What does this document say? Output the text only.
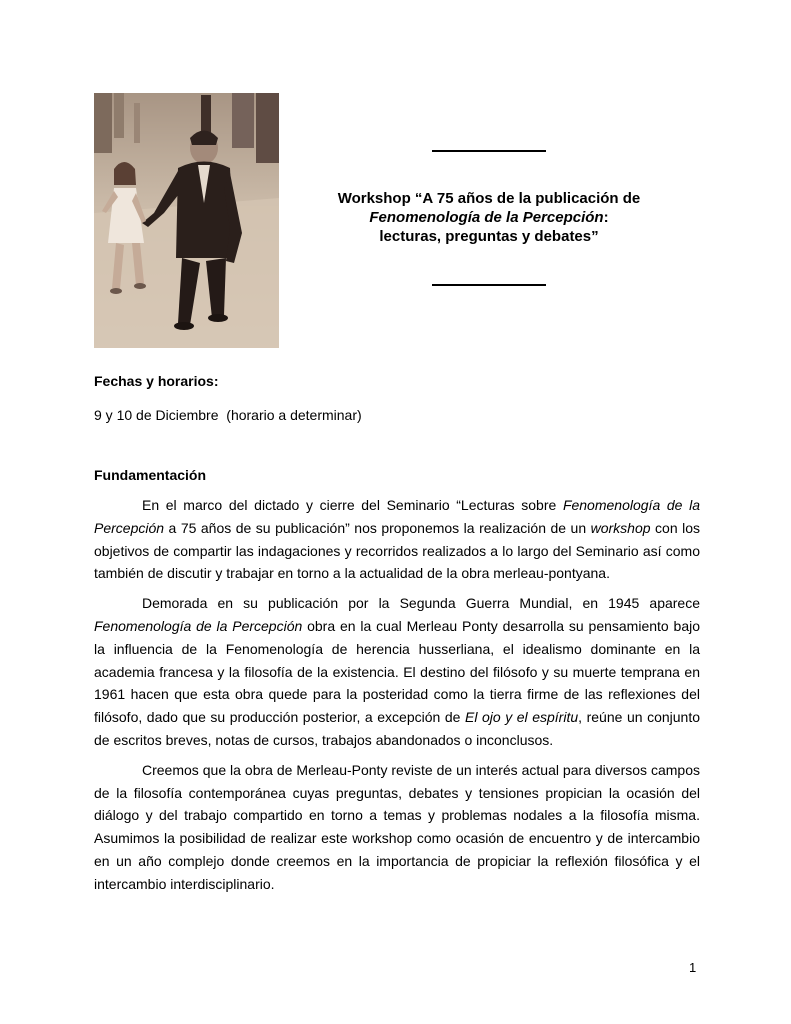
Workshop “A 75 años de la publicación de
Fenomenología de la Percepción:
lecturas, preguntas y debates”
Fechas y horarios:
9 y 10 de Diciembre  (horario a determinar)
Fundamentación

En el marco del dictado y cierre del Seminario “Lecturas sobre Fenomenología de la Percepción a 75 años de su publicación” nos proponemos la realización de un workshop con los objetivos de compartir las indagaciones y recorridos realizados a lo largo del Seminario así como también de discutir y trabajar en torno a la actualidad de la obra merleau-pontyana.

Demorada en su publicación por la Segunda Guerra Mundial, en 1945 aparece Fenomenología de la Percepción obra en la cual Merleau Ponty desarrolla su pensamiento bajo la influencia de la Fenomenología de herencia husserliana, el idealismo dominante en la academia francesa y la filosofía de la existencia. El destino del filósofo y su muerte temprana en 1961 hacen que esta obra quede para la posteridad como la tierra firme de las reflexiones del filósofo, dado que su producción posterior, a excepción de El ojo y el espíritu, reúne un conjunto de escritos breves, notas de cursos, trabajos abandonados o inconclusos.

Creemos que la obra de Merleau-Ponty reviste de un interés actual para diversos campos de la filosofía contemporánea cuyas preguntas, debates y tensiones propician la ocasión del diálogo y del trabajo compartido en torno a temas y problemas nodales a la filosofía misma. Asumimos la posibilidad de realizar este workshop como ocasión de encuentro y de intercambio en un año complejo donde creemos en la importancia de propiciar la reflexión filosófica y el intercambio interdisciplinario.

1
